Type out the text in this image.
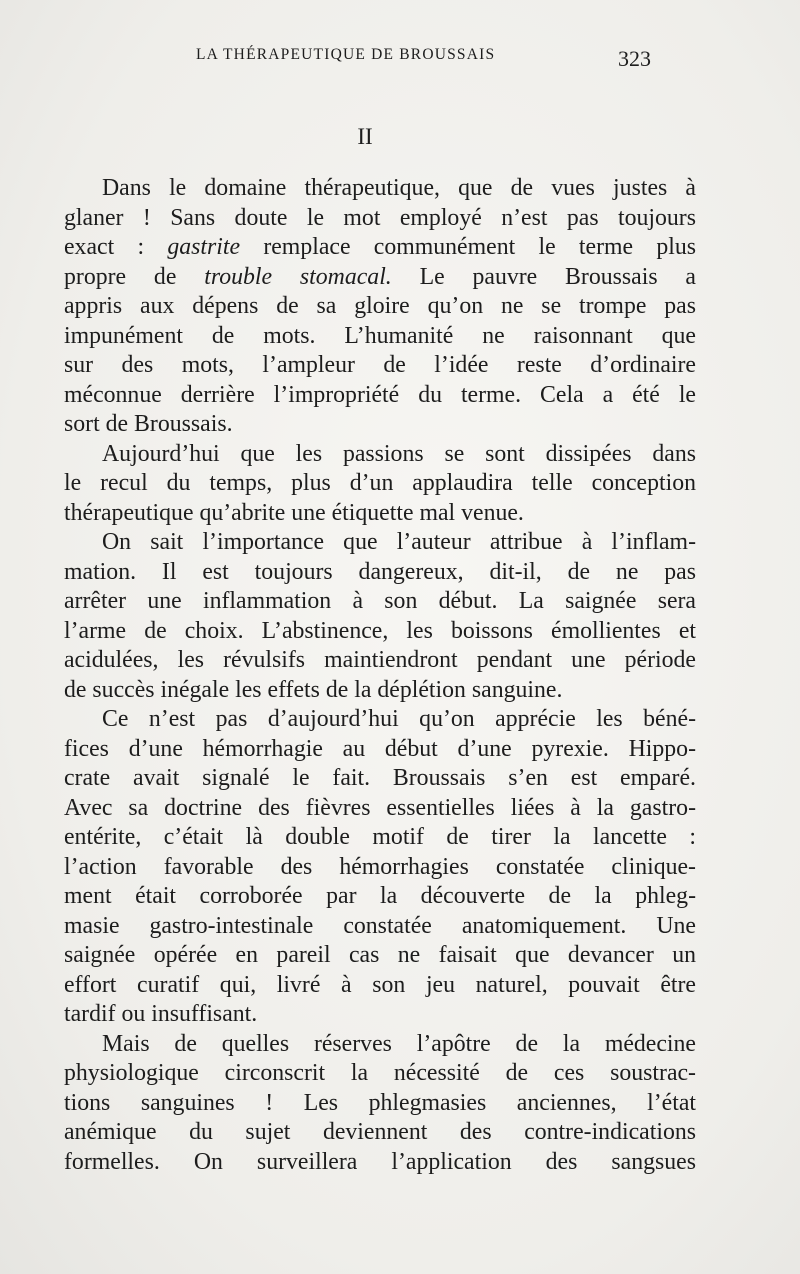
LA THÉRAPEUTIQUE DE BROUSSAIS	323
II

Dans le domaine thérapeutique, que de vues justes à
glaner ! Sans doute le mot employé n’est pas toujours
exact : gastrite remplace communément le terme plus
propre de trouble stomacal. Le pauvre Broussais a
appris aux dépens de sa gloire qu’on ne se trompe pas
impunément de mots. L’humanité ne raisonnant que
sur des mots, l’ampleur de l’idée reste d’ordinaire
méconnue derrière l’impropriété du terme. Cela a été le
sort de Broussais.

Aujourd’hui que les passions se sont dissipées dans
le recul du temps, plus d’un applaudira telle conception
thérapeutique qu’abrite une étiquette mal venue.

On sait l’importance que l’auteur attribue à l’inflam-
mation. Il est toujours dangereux, dit-il, de ne pas
arrêter une inflammation à son début. La saignée sera
l’arme de choix. L’abstinence, les boissons émollientes et
acidulées, les révulsifs maintiendront pendant une période
de succès inégale les effets de la déplétion sanguine.

Ce n’est pas d’aujourd’hui qu’on apprécie les béné-
fices d’une hémorrhagie au début d’une pyrexie. Hippo-
crate avait signalé le fait. Broussais s’en est emparé.
Avec sa doctrine des fièvres essentielles liées à la gastro-
entérite, c’était là double motif de tirer la lancette :
l’action favorable des hémorrhagies constatée clinique-
ment était corroborée par la découverte de la phleg-
masie gastro-intestinale constatée anatomiquement. Une
saignée opérée en pareil cas ne faisait que devancer un
effort curatif qui, livré à son jeu naturel, pouvait être
tardif ou insuffisant.

Mais de quelles réserves l’apôtre de la médecine
physiologique circonscrit la nécessité de ces soustrac-
tions sanguines ! Les phlegmasies anciennes, l’état
anémique du sujet deviennent des contre-indications
formelles. On surveillera l’application des sangsues
